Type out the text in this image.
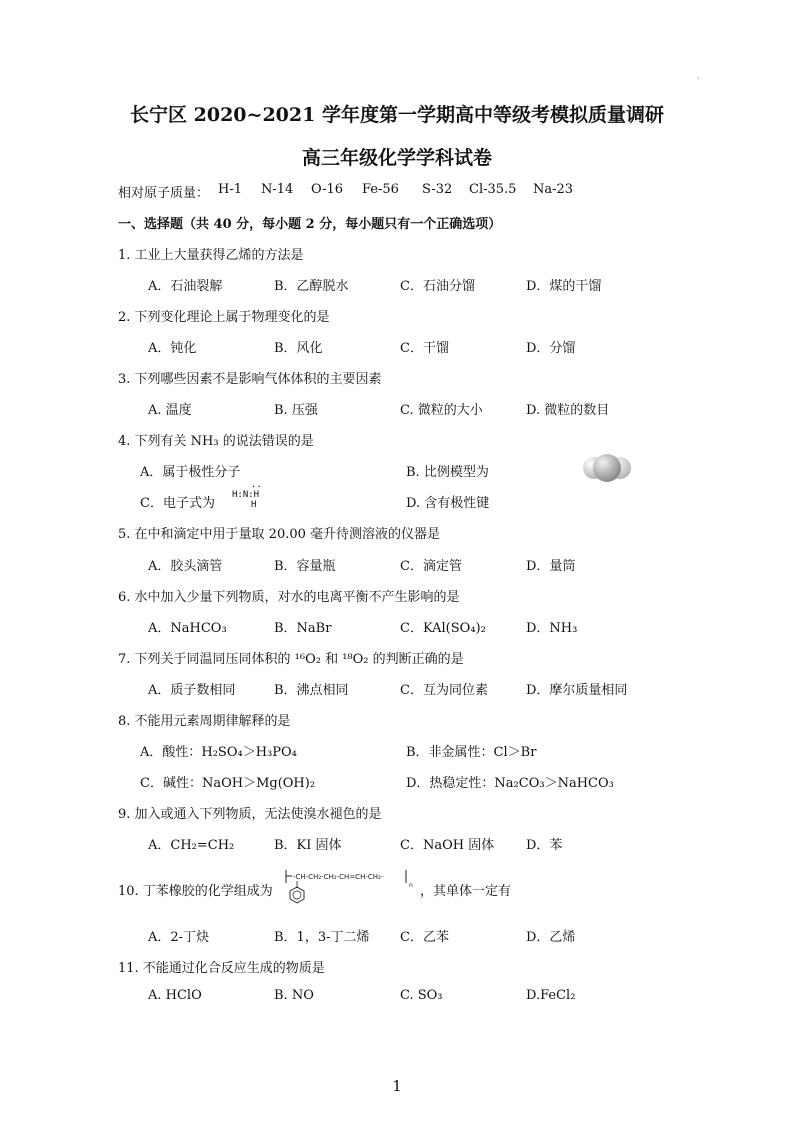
·
长宁区 2020~2021 学年度第一学期高中等级考模拟质量调研
高三年级化学学科试卷
相对原子质量： H-1 N-14 O-16 Fe-56 S-32 Cl-35.5 Na-23
一、选择题（共 40 分，每小题 2 分，每小题只有一个正确选项）
1. 工业上大量获得乙烯的方法是
A．石油裂解	B．乙醇脱水	C．石油分馏	D．煤的干馏
2. 下列变化理论上属于物理变化的是
A．钝化	B．风化	C．干馏	D．分馏
3. 下列哪些因素不是影响气体体积的主要因素
A. 温度	B. 压强	C. 微粒的大小	D. 微粒的数目
4. 下列有关 NH₃ 的说法错误的是
A．属于极性分子	B. 比例模型为
C．电子式为
..
H:N:H
H	D. 含有极性键
5. 在中和滴定中用于量取 20.00 毫升待测溶液的仪器是
A．胶头滴管	B．容量瓶	C．滴定管	D．量筒
6. 水中加入少量下列物质，对水的电离平衡不产生影响的是
A．NaHCO₃	B．NaBr	C．KAl(SO₄)₂	D．NH₃
7. 下列关于同温同压同体积的 ¹⁶O₂ 和 ¹⁸O₂ 的判断正确的是
A．质子数相同	B．沸点相同	C．互为同位素	D．摩尔质量相同
8. 不能用元素周期律解释的是
A．酸性：H₂SO₄＞H₃PO₄	B．非金属性：Cl＞Br
C．碱性：NaOH＞Mg(OH)₂	D．热稳定性：Na₂CO₃＞NaHCO₃
9. 加入或通入下列物质，无法使溴水褪色的是
A．CH₂=CH₂	B．KI 固体	C．NaOH 固体 D．苯
10. 丁苯橡胶的化学组成为
-CH-CH₂-CH₂-CH=CH-CH₂-
n ，其单体一定有
A．2-丁炔	B．1，3-丁二烯 C．乙苯	D．乙烯
11. 不能通过化合反应生成的物质是
A. HClO	B. NO	C. SO₃	D.FeCl₂
1
